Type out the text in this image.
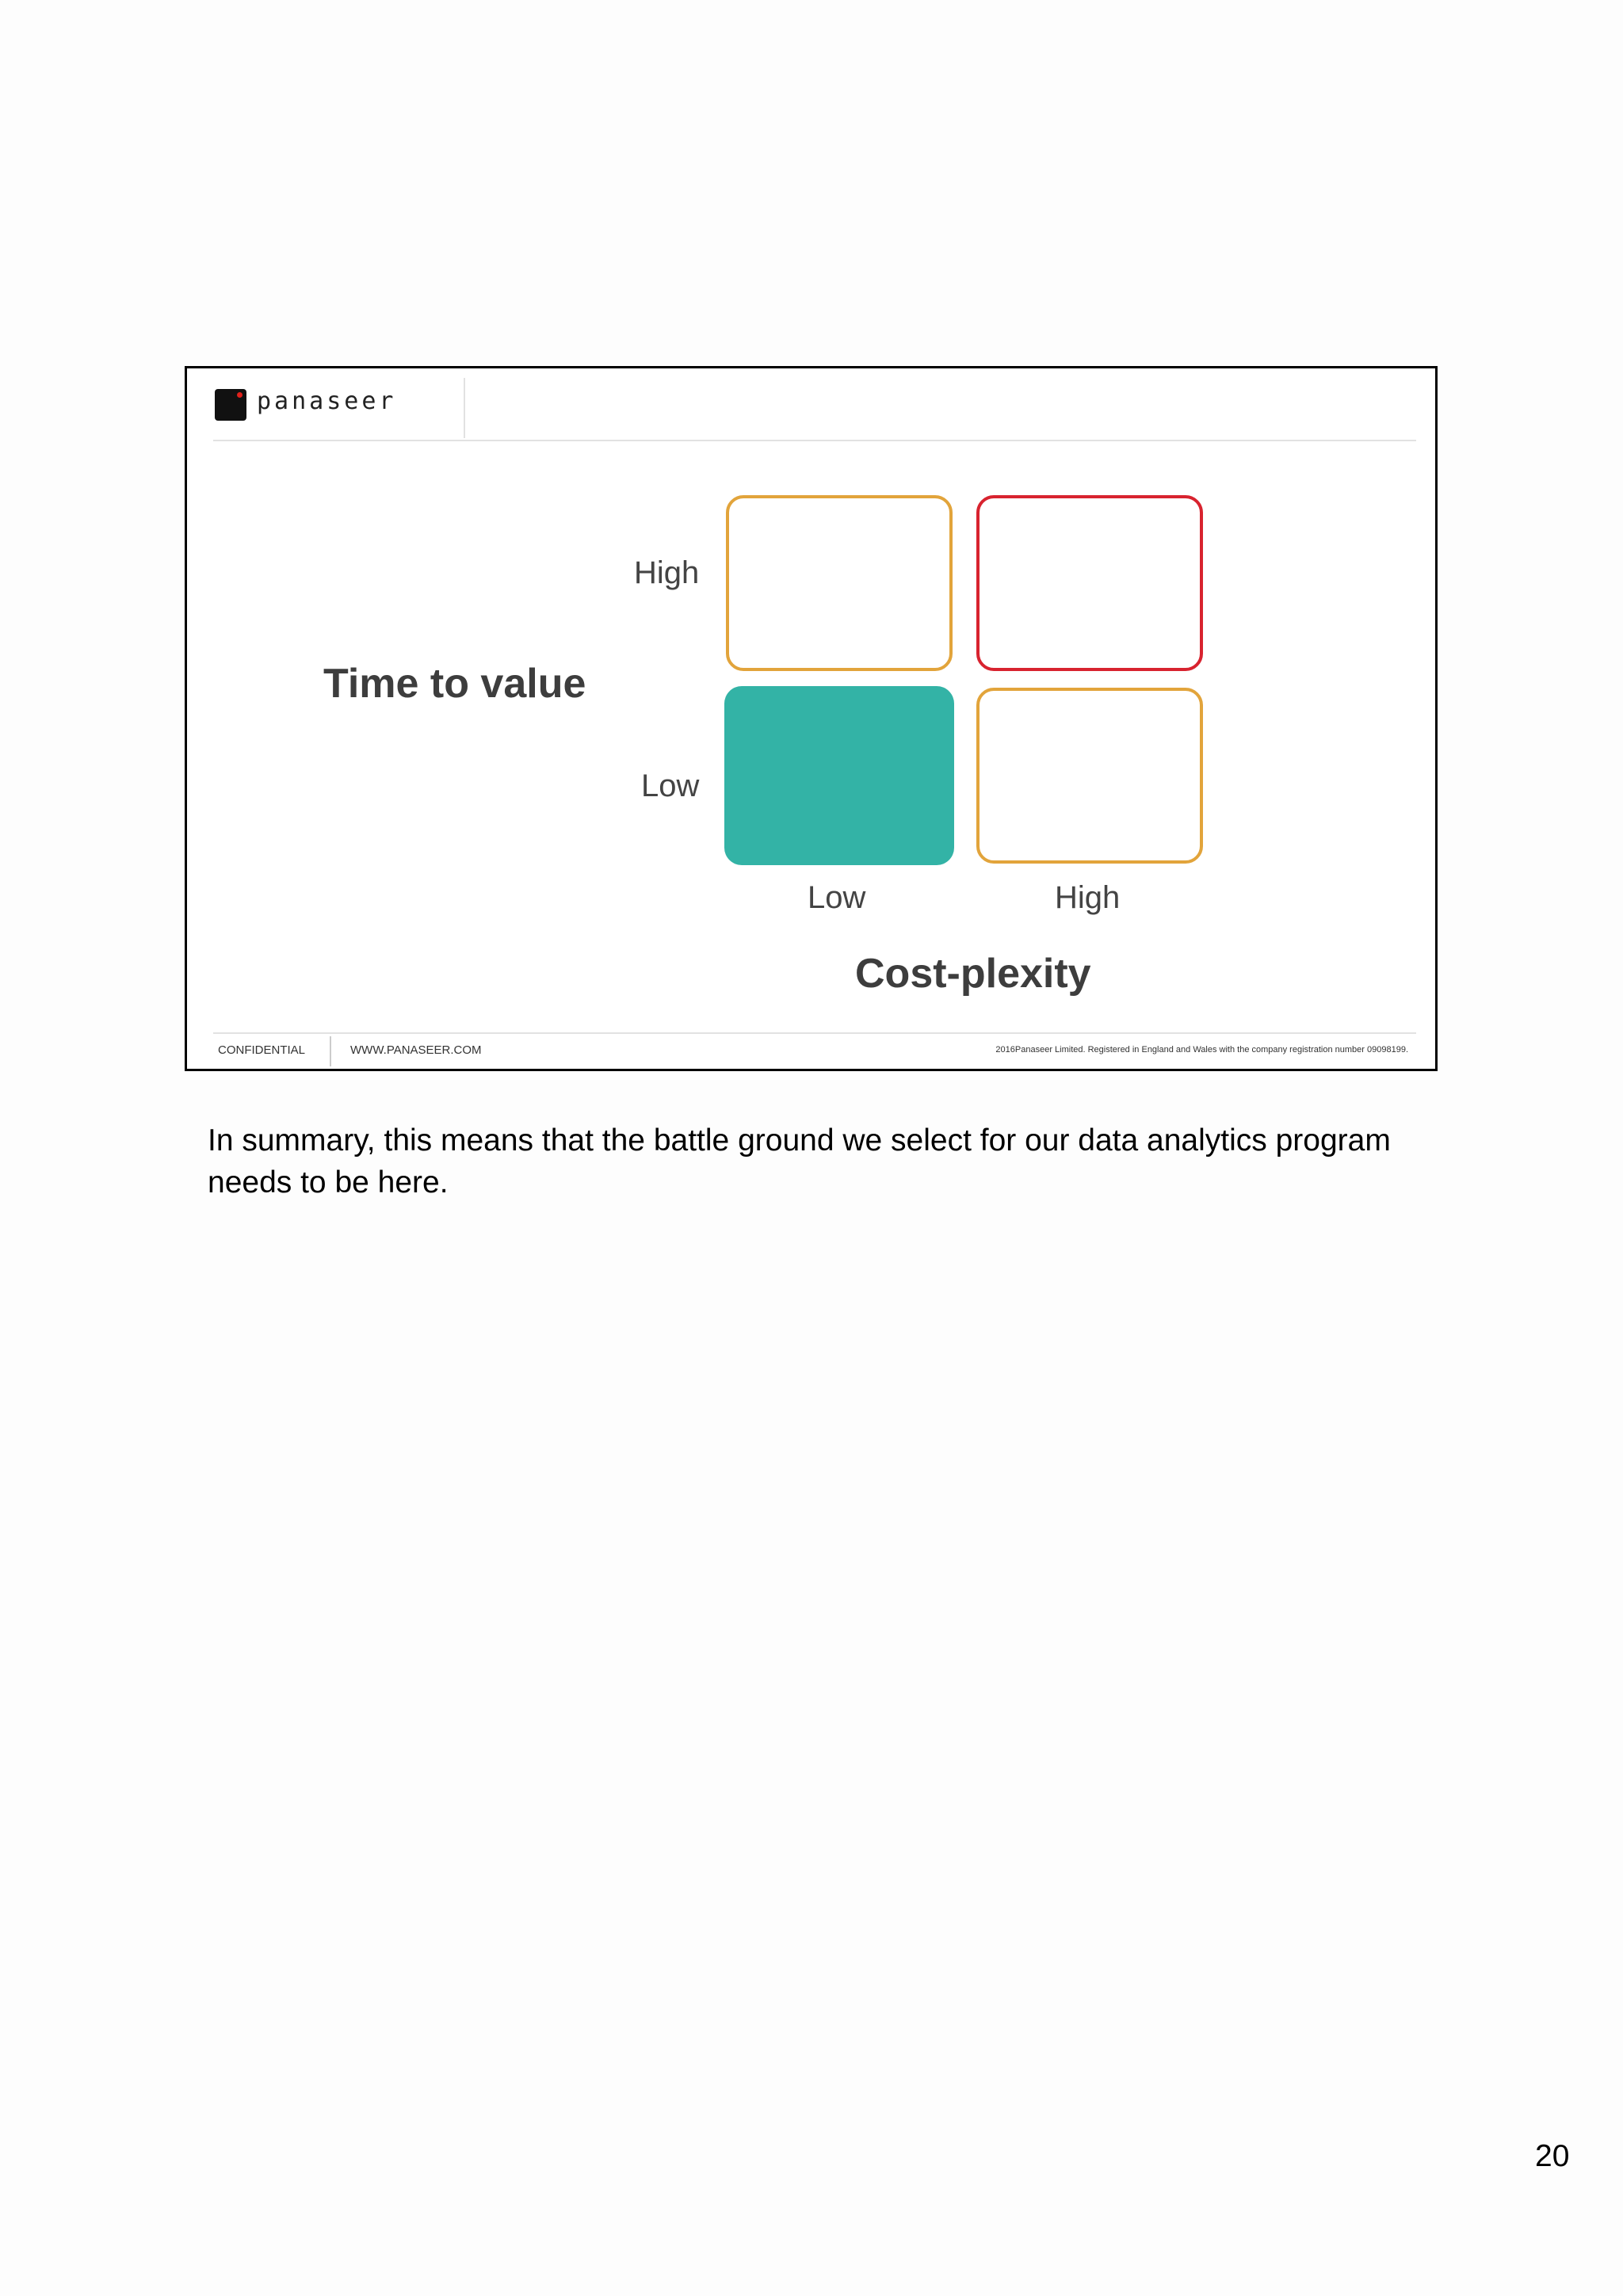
panaseer
Time to value
High
Low
Low	High
Cost-plexity
CONFIDENTIAL	WWW.PANASEER.COM	2016Panaseer Limited. Registered in England and Wales with the company registration number 09098199.
In summary, this means that the battle ground we select for our data analytics program needs to be here.
20
